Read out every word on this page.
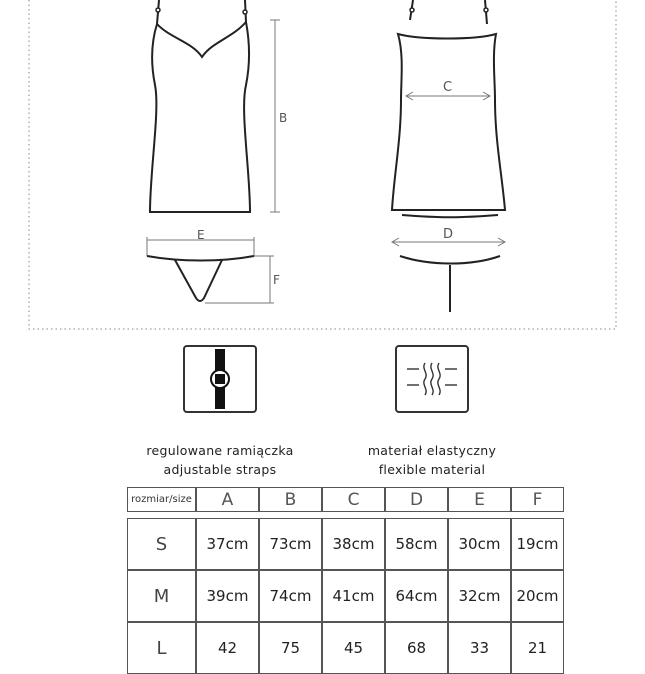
B
E
F
C
D
regulowane ramiączka
adjustable straps
materiał elastyczny
flexible material
rozmiar/size	A	B	C	D	E	F

S	37cm	73cm	38cm	58cm	30cm	19cm
M	39cm	74cm	41cm	64cm	32cm	20cm
L	42	75	45	68	33	21
